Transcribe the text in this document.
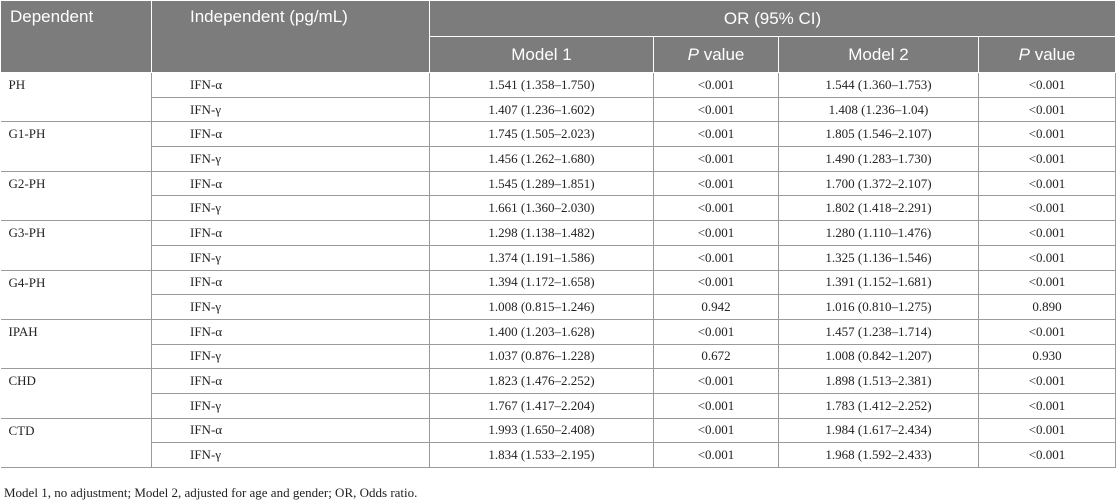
Dependent	Independent (pg/mL)	OR (95% CI)			
		Model 1	P value	Model 2	P value
PH	IFN-α	1.541 (1.358–1.750)	<0.001	1.544 (1.360–1.753)	<0.001
	IFN-γ	1.407 (1.236–1.602)	<0.001	1.408 (1.236–1.04)	<0.001
G1-PH	IFN-α	1.745 (1.505–2.023)	<0.001	1.805 (1.546–2.107)	<0.001
	IFN-γ	1.456 (1.262–1.680)	<0.001	1.490 (1.283–1.730)	<0.001
G2-PH	IFN-α	1.545 (1.289–1.851)	<0.001	1.700 (1.372–2.107)	<0.001
	IFN-γ	1.661 (1.360–2.030)	<0.001	1.802 (1.418–2.291)	<0.001
G3-PH	IFN-α	1.298 (1.138–1.482)	<0.001	1.280 (1.110–1.476)	<0.001
	IFN-γ	1.374 (1.191–1.586)	<0.001	1.325 (1.136–1.546)	<0.001
G4-PH	IFN-α	1.394 (1.172–1.658)	<0.001	1.391 (1.152–1.681)	<0.001
	IFN-γ	1.008 (0.815–1.246)	0.942	1.016 (0.810–1.275)	0.890
IPAH	IFN-α	1.400 (1.203–1.628)	<0.001	1.457 (1.238–1.714)	<0.001
	IFN-γ	1.037 (0.876–1.228)	0.672	1.008 (0.842–1.207)	0.930
CHD	IFN-α	1.823 (1.476–2.252)	<0.001	1.898 (1.513–2.381)	<0.001
	IFN-γ	1.767 (1.417–2.204)	<0.001	1.783 (1.412–2.252)	<0.001
CTD	IFN-α	1.993 (1.650–2.408)	<0.001	1.984 (1.617–2.434)	<0.001
	IFN-γ	1.834 (1.533–2.195)	<0.001	1.968 (1.592–2.433)	<0.001
Model 1, no adjustment; Model 2, adjusted for age and gender; OR, Odds ratio.
